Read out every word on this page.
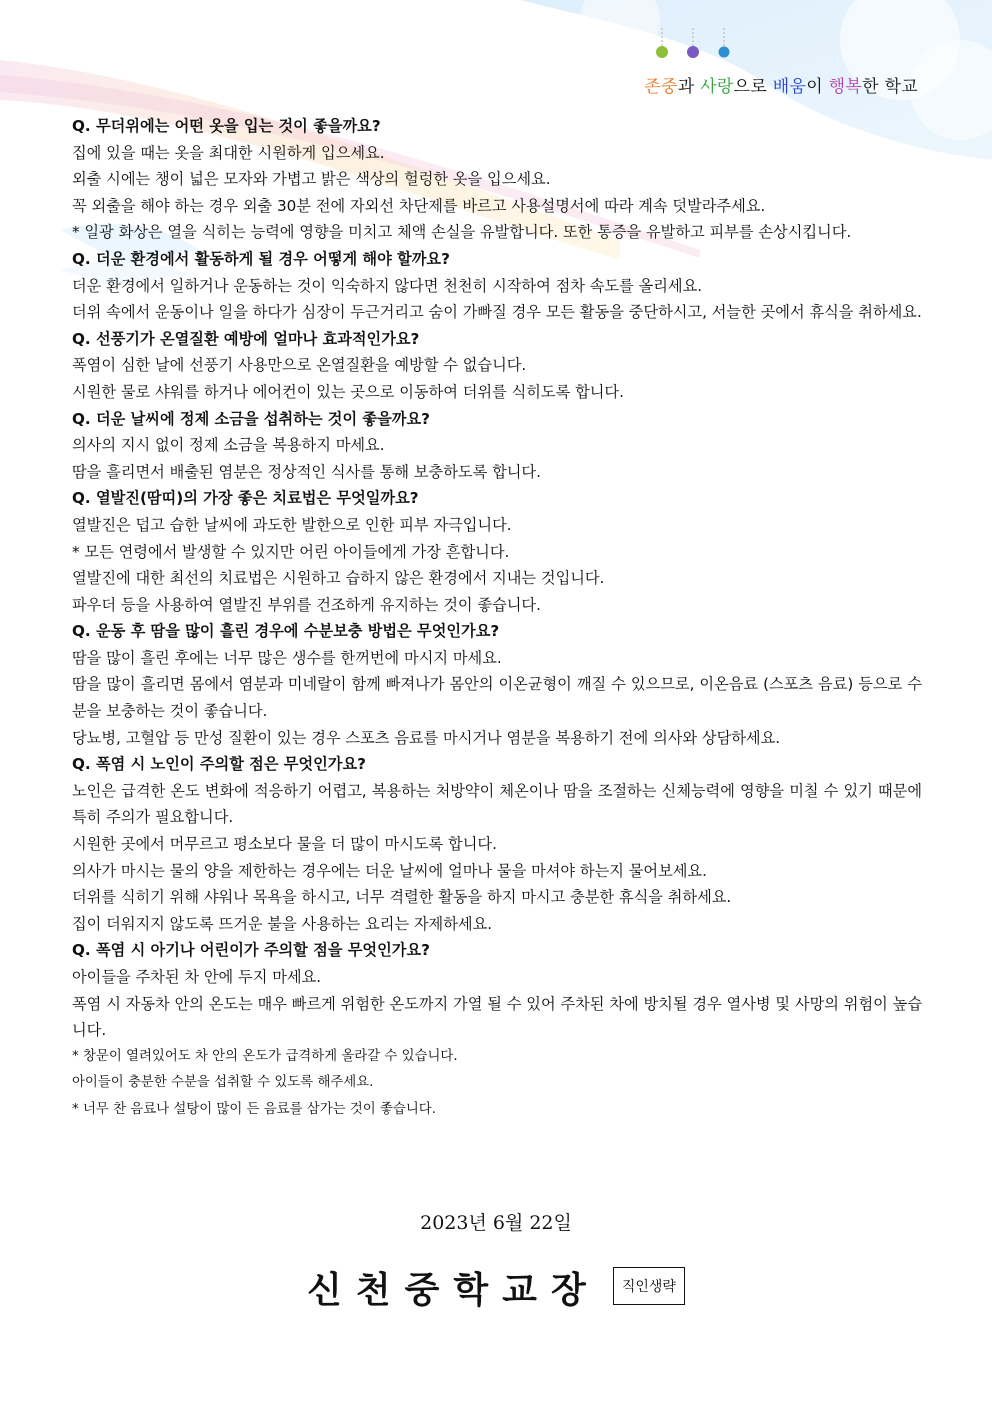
존중과 사랑으로 배움이 행복한 학교
Q. 무더위에는 어떤 옷을 입는 것이 좋을까요?
집에 있을 때는 옷을 최대한 시원하게 입으세요.
외출 시에는 챙이 넓은 모자와 가볍고 밝은 색상의 헐렁한 옷을 입으세요.
꼭 외출을 해야 하는 경우 외출 30분 전에 자외선 차단제를 바르고 사용설명서에 따라 계속 덧발라주세요.
* 일광 화상은 열을 식히는 능력에 영향을 미치고 체액 손실을 유발합니다. 또한 통증을 유발하고 피부를 손상시킵니다.
Q. 더운 환경에서 활동하게 될 경우 어떻게 해야 할까요?
더운 환경에서 일하거나 운동하는 것이 익숙하지 않다면 천천히 시작하여 점차 속도를 올리세요.
더위 속에서 운동이나 일을 하다가 심장이 두근거리고 숨이 가빠질 경우 모든 활동을 중단하시고, 서늘한 곳에서 휴식을 취하세요.
Q. 선풍기가 온열질환 예방에 얼마나 효과적인가요?
폭염이 심한 날에 선풍기 사용만으로 온열질환을 예방할 수 없습니다.
시원한 물로 샤워를 하거나 에어컨이 있는 곳으로 이동하여 더위를 식히도록 합니다.
Q. 더운 날씨에 정제 소금을 섭취하는 것이 좋을까요?
의사의 지시 없이 정제 소금을 복용하지 마세요.
땀을 흘리면서 배출된 염분은 정상적인 식사를 통해 보충하도록 합니다.
Q. 열발진(땀띠)의 가장 좋은 치료법은 무엇일까요?
열발진은 덥고 습한 날씨에 과도한 발한으로 인한 피부 자극입니다.
* 모든 연령에서 발생할 수 있지만 어린 아이들에게 가장 흔합니다.
열발진에 대한 최선의 치료법은 시원하고 습하지 않은 환경에서 지내는 것입니다.
파우더 등을 사용하여 열발진 부위를 건조하게 유지하는 것이 좋습니다.
Q. 운동 후 땀을 많이 흘린 경우에 수분보충 방법은 무엇인가요?
땀을 많이 흘린 후에는 너무 많은 생수를 한꺼번에 마시지 마세요.
땀을 많이 흘리면 몸에서 염분과 미네랄이 함께 빠져나가 몸안의 이온균형이 깨질 수 있으므로, 이온음료 (스포츠 음료) 등으로 수분을 보충하는 것이 좋습니다.
당뇨병, 고혈압 등 만성 질환이 있는 경우 스포츠 음료를 마시거나 염분을 복용하기 전에 의사와 상담하세요.
Q. 폭염 시 노인이 주의할 점은 무엇인가요?
노인은 급격한 온도 변화에 적응하기 어렵고, 복용하는 처방약이 체온이나 땀을 조절하는 신체능력에 영향을 미칠 수 있기 때문에 특히 주의가 필요합니다.
시원한 곳에서 머무르고 평소보다 물을 더 많이 마시도록 합니다.
의사가 마시는 물의 양을 제한하는 경우에는 더운 날씨에 얼마나 물을 마셔야 하는지 물어보세요.
더위를 식히기 위해 샤워나 목욕을 하시고, 너무 격렬한 활동을 하지 마시고 충분한 휴식을 취하세요.
집이 더워지지 않도록 뜨거운 불을 사용하는 요리는 자제하세요.
Q. 폭염 시 아기나 어린이가 주의할 점을 무엇인가요?
아이들을 주차된 차 안에 두지 마세요.
폭염 시 자동차 안의 온도는 매우 빠르게 위험한 온도까지 가열 될 수 있어 주차된 차에 방치될 경우 열사병 및 사망의 위험이 높습니다.
* 창문이 열려있어도 차 안의 온도가 급격하게 올라갈 수 있습니다.
아이들이 충분한 수분을 섭취할 수 있도록 해주세요.
* 너무 찬 음료나 설탕이 많이 든 음료를 삼가는 것이 좋습니다.
2023년 6월 22일
신천중학교장 직인생략
